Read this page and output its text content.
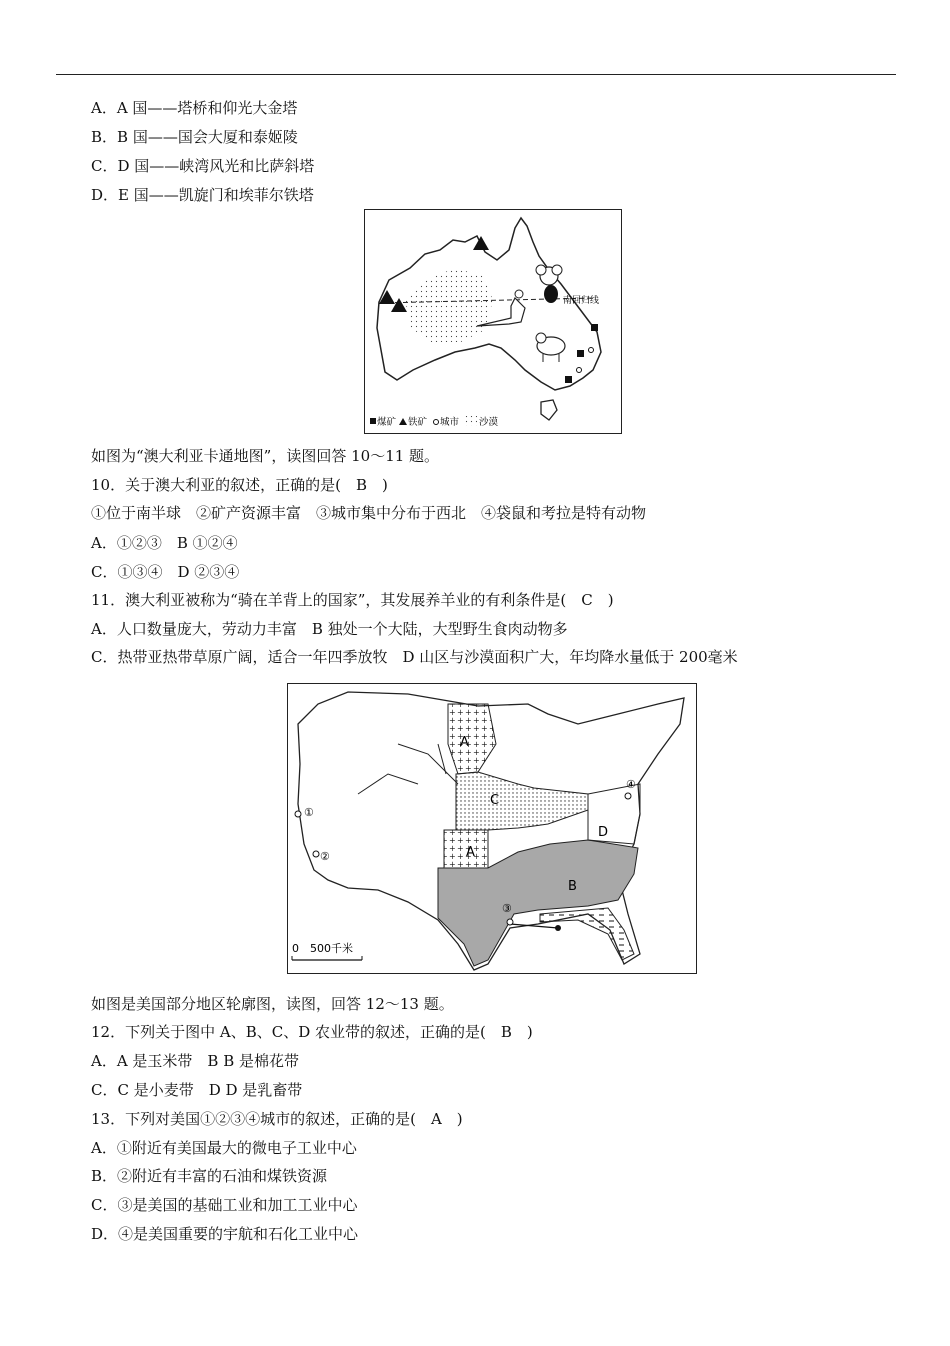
A．A 国——塔桥和仰光大金塔
B．B 国——国会大厦和泰姬陵
C．D 国——峡湾风光和比萨斜塔
D．E 国——凯旋门和埃菲尔铁塔
南回归线
煤矿 铁矿 城市 沙漠
如图为“澳大利亚卡通地图”，读图回答 10～11 题。
10．关于澳大利亚的叙述，正确的是(　B　)
①位于南半球　②矿产资源丰富　③城市集中分布于西北　④袋鼠和考拉是特有动物
A．①②③　B ①②④
C．①③④　D ②③④
11．澳大利亚被称为“骑在羊背上的国家”，其发展养羊业的有利条件是(　C　)
A．人口数量庞大，劳动力丰富　B 独处一个大陆，大型野生食肉动物多
C．热带亚热带草原广阔，适合一年四季放牧　D 山区与沙漠面积广大，年均降水量低于 200毫米
A
A
B
C
D
①
②
③
④
0 500千米
如图是美国部分地区轮廓图，读图，回答 12～13 题。
12．下列关于图中 A、B、C、D 农业带的叙述，正确的是(　B　)
A．A 是玉米带　B B 是棉花带
C．C 是小麦带　D D 是乳畜带
13．下列对美国①②③④城市的叙述，正确的是(　A　)
A．①附近有美国最大的微电子工业中心
B．②附近有丰富的石油和煤铁资源
C．③是美国的基础工业和加工工业中心
D．④是美国重要的宇航和石化工业中心
